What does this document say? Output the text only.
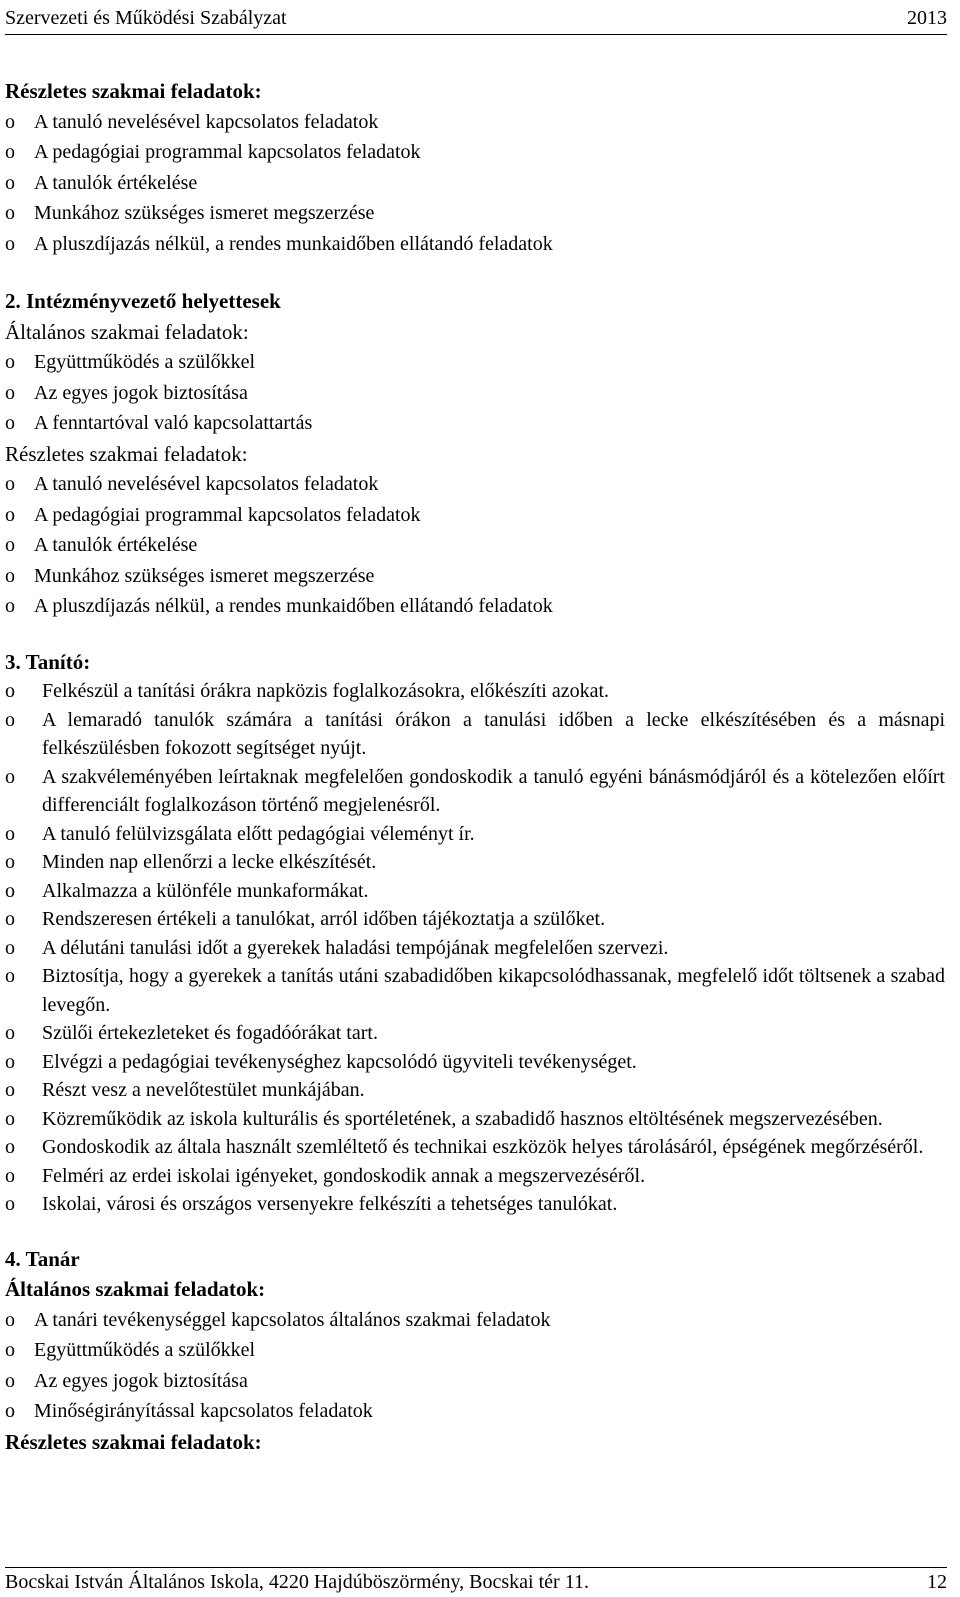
Szervezeti és Működési Szabályzat	2013
Részletes szakmai feladatok:
o A tanuló nevelésével kapcsolatos feladatok
o A pedagógiai programmal kapcsolatos feladatok
o A tanulók értékelése
o Munkához szükséges ismeret megszerzése
o A pluszdíjazás nélkül, a rendes munkaidőben ellátandó feladatok
2. Intézményvezető helyettesek
Általános szakmai feladatok:
o Együttműködés a szülőkkel
o Az egyes jogok biztosítása
o A fenntartóval való kapcsolattartás
Részletes szakmai feladatok:
o A tanuló nevelésével kapcsolatos feladatok
o A pedagógiai programmal kapcsolatos feladatok
o A tanulók értékelése
o Munkához szükséges ismeret megszerzése
o A pluszdíjazás nélkül, a rendes munkaidőben ellátandó feladatok
3. Tanító:
o Felkészül a tanítási órákra napközis foglalkozásokra, előkészíti azokat.
o A lemaradó tanulók számára a tanítási órákon a tanulási időben a lecke elkészítésében és a másnapi felkészülésben fokozott segítséget nyújt.
o A szakvéleményében leírtaknak megfelelően gondoskodik a tanuló egyéni bánásmódjáról és a kötelezően előírt differenciált foglalkozáson történő megjelenésről.
o A tanuló felülvizsgálata előtt pedagógiai véleményt ír.
o Minden nap ellenőrzi a lecke elkészítését.
o Alkalmazza a különféle munkaformákat.
o Rendszeresen értékeli a tanulókat, arról időben tájékoztatja a szülőket.
o A délutáni tanulási időt a gyerekek haladási tempójának megfelelően szervezi.
o Biztosítja, hogy a gyerekek a tanítás utáni szabadidőben kikapcsolódhassanak, megfelelő időt töltsenek a szabad levegőn.
o Szülői értekezleteket és fogadóórákat tart.
o Elvégzi a pedagógiai tevékenységhez kapcsolódó ügyviteli tevékenységet.
o Részt vesz a nevelőtestület munkájában.
o Közreműködik az iskola kulturális és sportéletének, a szabadidő hasznos eltöltésének megszervezésében.
o Gondoskodik az általa használt szemléltető és technikai eszközök helyes tárolásáról, épségének megőrzéséről.
o Felméri az erdei iskolai igényeket, gondoskodik annak a megszervezéséről.
o Iskolai, városi és országos versenyekre felkészíti a tehetséges tanulókat.
4. Tanár
Általános szakmai feladatok:
o A tanári tevékenységgel kapcsolatos általános szakmai feladatok
o Együttműködés a szülőkkel
o Az egyes jogok biztosítása
o Minőségirányítással kapcsolatos feladatok
Részletes szakmai feladatok:
Bocskai István Általános Iskola, 4220 Hajdúböszörmény, Bocskai tér 11.	12
